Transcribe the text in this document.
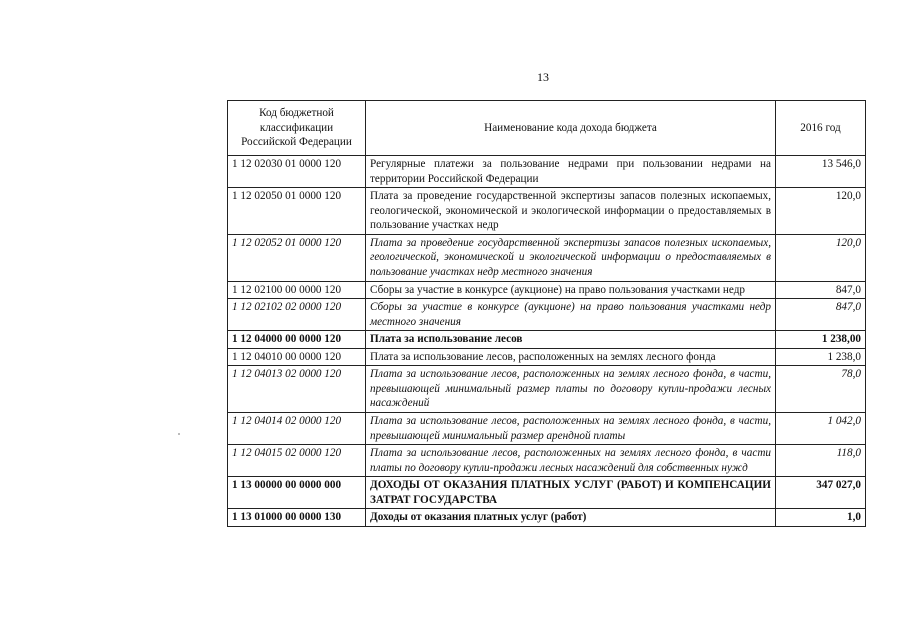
13
Код бюджетной классификации Российской Федерации	Наименование кода дохода бюджета	2016 год
1 12 02030 01 0000 120	Регулярные платежи за пользование недрами при пользовании недрами на территории Российской Федерации	13 546,0
1 12 02050 01 0000 120	Плата за проведение государственной экспертизы запасов полезных ископаемых, геологической, экономической и экологической информации о предоставляемых в пользование участках недр	120,0
1 12 02052 01 0000 120	Плата за проведение государственной экспертизы запасов полезных ископаемых, геологической, экономической и экологической информации о предоставляемых в пользование участках недр местного значения	120,0
1 12 02100 00 0000 120	Сборы за участие в конкурсе (аукционе) на право пользования участками недр	847,0
1 12 02102 02 0000 120	Сборы за участие в конкурсе (аукционе) на право пользования участками недр местного значения	847,0
1 12 04000 00 0000 120	Плата за использование лесов	1 238,00
1 12 04010 00 0000 120	Плата за использование лесов, расположенных на землях лесного фонда	1 238,0
1 12 04013 02 0000 120	Плата за использование лесов, расположенных на землях лесного фонда, в части, превышающей минимальный размер платы по договору купли-продажи лесных насаждений	78,0
1 12 04014 02 0000 120	Плата за использование лесов, расположенных на землях лесного фонда, в части, превышающей минимальный размер арендной платы	1 042,0
1 12 04015 02 0000 120	Плата за использование лесов, расположенных на землях лесного фонда, в части платы по договору купли-продажи лесных насаждений для собственных нужд	118,0
1 13 00000 00 0000 000	ДОХОДЫ ОТ ОКАЗАНИЯ ПЛАТНЫХ УСЛУГ (РАБОТ) И КОМПЕНСАЦИИ ЗАТРАТ ГОСУДАРСТВА	347 027,0
1 13 01000 00 0000 130	Доходы от оказания платных услуг (работ)	1,0
